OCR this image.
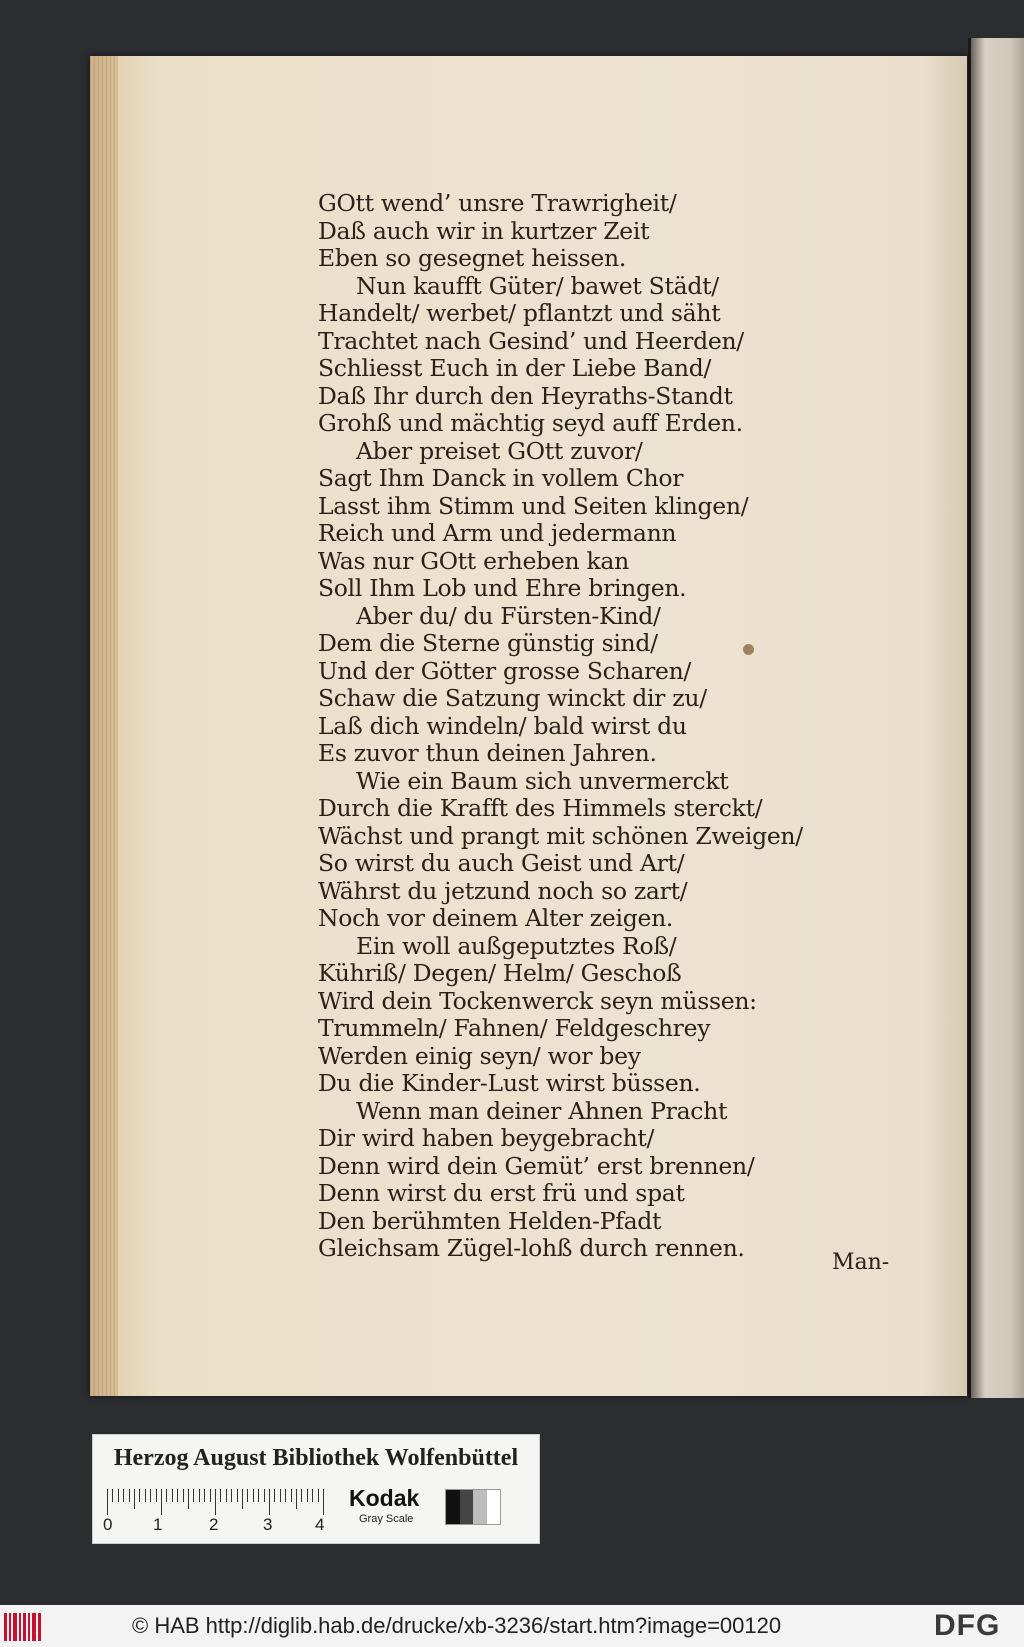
GOtt wend’ unsre Trawrigheit/
Daß auch wir in kurtzer Zeit
Eben so gesegnet heissen.
Nun kaufft Güter/ bawet Städt/
Handelt/ werbet/ pflantzt und säht
Trachtet nach Gesind’ und Heerden/
Schliesst Euch in der Liebe Band/
Daß Ihr durch den Heyraths-Standt
Grohß und mächtig seyd auff Erden.
Aber preiset GOtt zuvor/
Sagt Ihm Danck in vollem Chor
Lasst ihm Stimm und Seiten klingen/
Reich und Arm und jedermann
Was nur GOtt erheben kan
Soll Ihm Lob und Ehre bringen.
Aber du/ du Fürsten-Kind/
Dem die Sterne günstig sind/
Und der Götter grosse Scharen/
Schaw die Satzung winckt dir zu/
Laß dich windeln/ bald wirst du
Es zuvor thun deinen Jahren.
Wie ein Baum sich unvermerckt
Durch die Krafft des Himmels sterckt/
Wächst und prangt mit schönen Zweigen/
So wirst du auch Geist und Art/
Währst du jetzund noch so zart/
Noch vor deinem Alter zeigen.
Ein woll außgeputztes Roß/
Kühriß/ Degen/ Helm/ Geschoß
Wird dein Tockenwerck seyn müssen:
Trummeln/ Fahnen/ Feldgeschrey
Werden einig seyn/ wor bey
Du die Kinder-Lust wirst büssen.
Wenn man deiner Ahnen Pracht
Dir wird haben beygebracht/
Denn wird dein Gemüt’ erst brennen/
Denn wirst du erst frü und spat
Den berühmten Helden-Pfadt
Gleichsam Zügel-lohß durch rennen.
Man-
Herzog August Bibliothek Wolfenbüttel
0 1	2	3	4
Kodak
Gray Scale
© HAB http://diglib.hab.de/drucke/xb-3236/start.htm?image=00120	DFG
